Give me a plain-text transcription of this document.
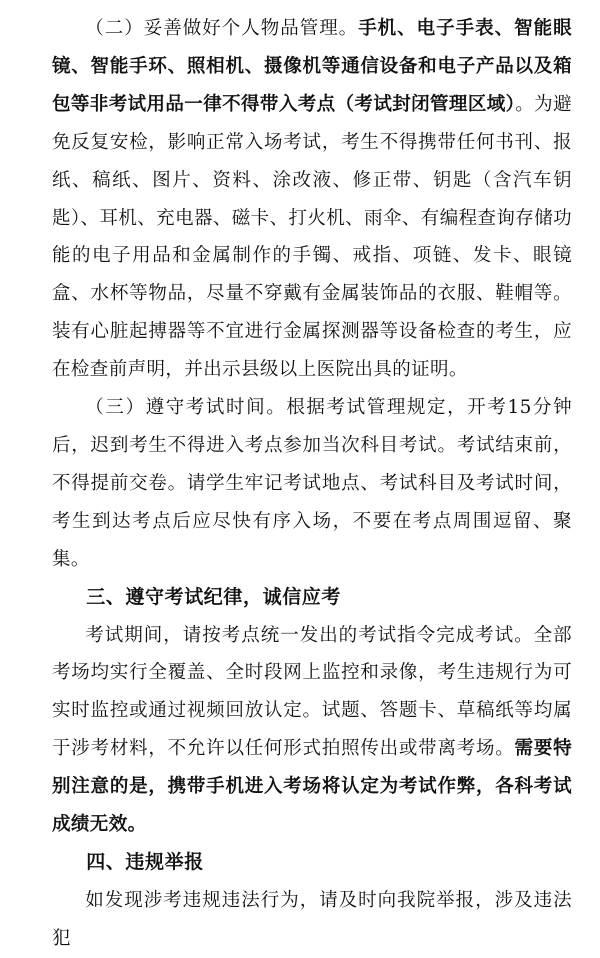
（二）妥善做好个人物品管理。手机、电子手表、智能眼镜、智能手环、照相机、摄像机等通信设备和电子产品以及箱包等非考试用品一律不得带入考点（考试封闭管理区域）。为避免反复安检，影响正常入场考试，考生不得携带任何书刊、报纸、稿纸、图片、资料、涂改液、修正带、钥匙（含汽车钥匙）、耳机、充电器、磁卡、打火机、雨伞、有编程查询存储功能的电子用品和金属制作的手镯、戒指、项链、发卡、眼镜盒、水杯等物品，尽量不穿戴有金属装饰品的衣服、鞋帽等。装有心脏起搏器等不宜进行金属探测器等设备检查的考生，应在检查前声明，并出示县级以上医院出具的证明。

（三）遵守考试时间。根据考试管理规定，开考15分钟后，迟到考生不得进入考点参加当次科目考试。考试结束前，不得提前交卷。请学生牢记考试地点、考试科目及考试时间，考生到达考点后应尽快有序入场，不要在考点周围逗留、聚集。

三、遵守考试纪律，诚信应考

考试期间，请按考点统一发出的考试指令完成考试。全部考场均实行全覆盖、全时段网上监控和录像，考生违规行为可实时监控或通过视频回放认定。试题、答题卡、草稿纸等均属于涉考材料，不允许以任何形式拍照传出或带离考场。需要特别注意的是，携带手机进入考场将认定为考试作弊，各科考试成绩无效。

四、违规举报

如发现涉考违规违法行为，请及时向我院举报，涉及违法犯
